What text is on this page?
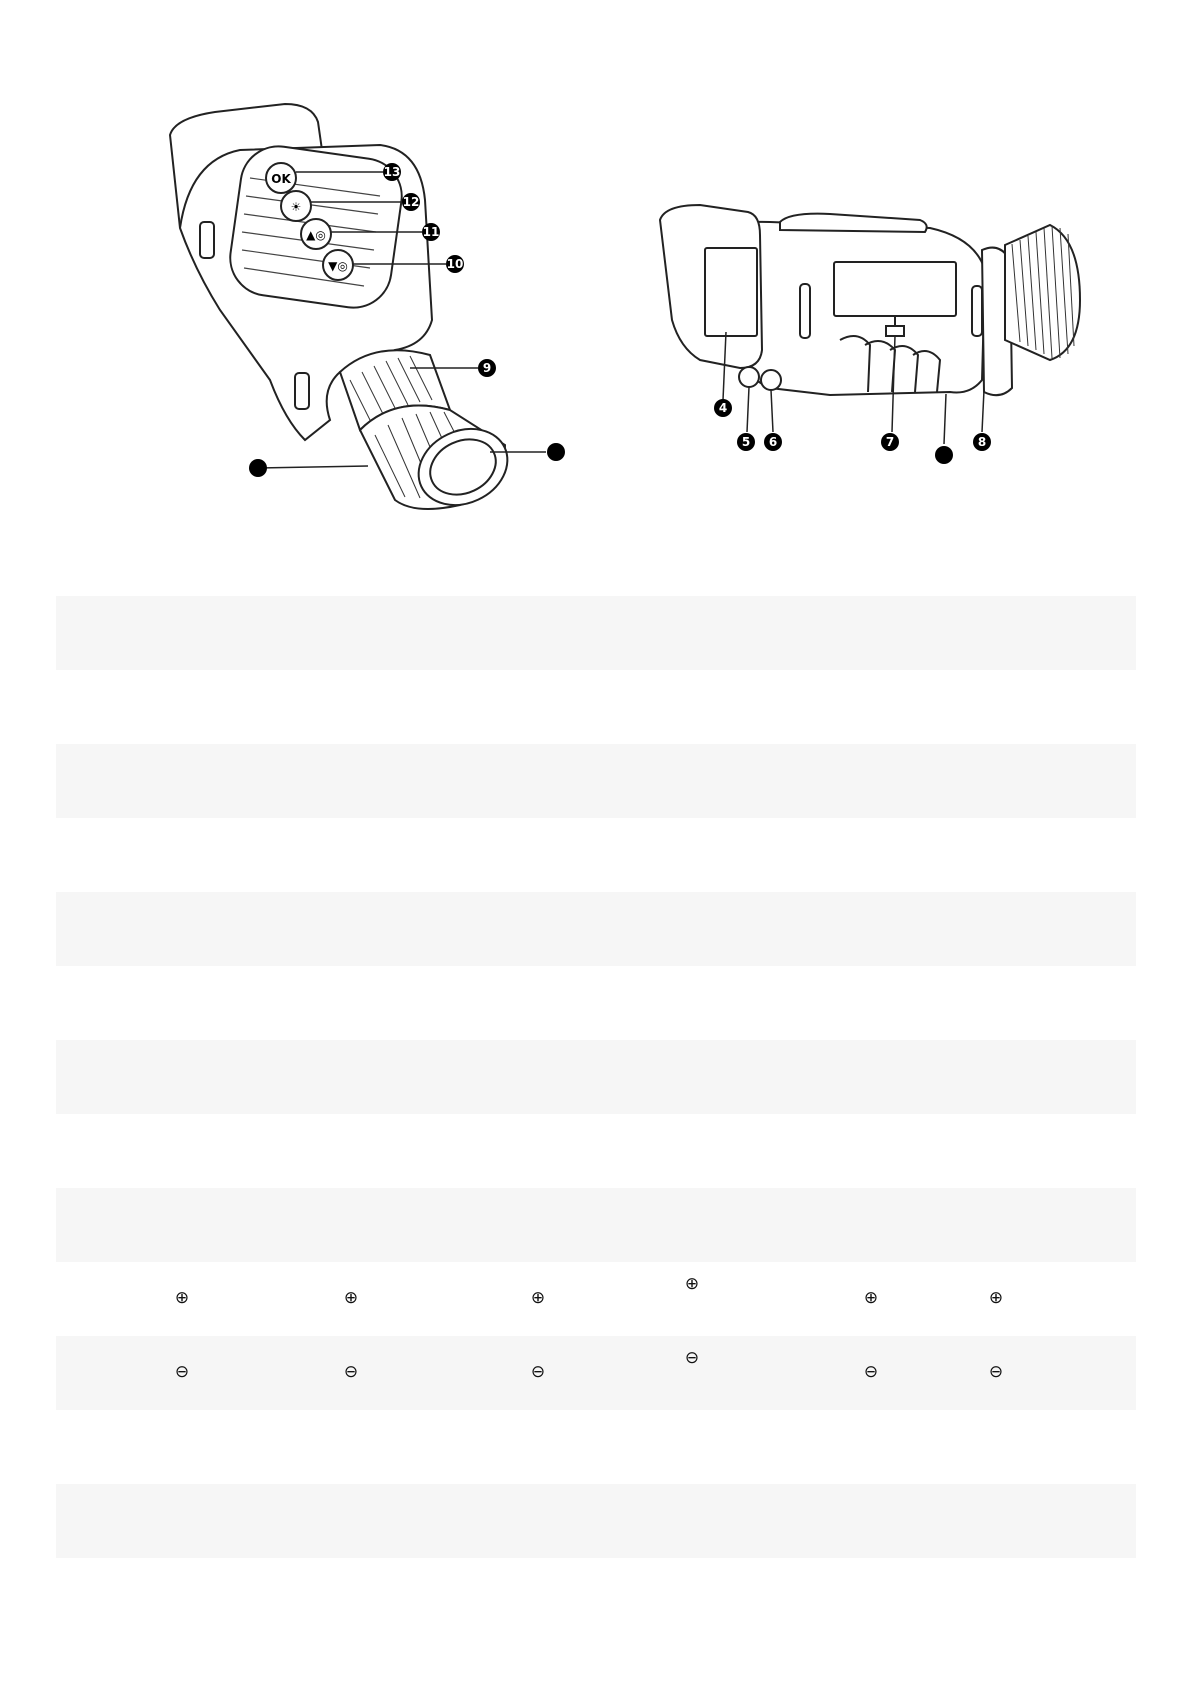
OK
☀
▲◎
▼◎
13
12
11
10
9
4
5 6	7	8
⊕	⊕	⊕
⊕
⊕	⊕
⊖	⊖	⊖
⊖
⊖	⊖
